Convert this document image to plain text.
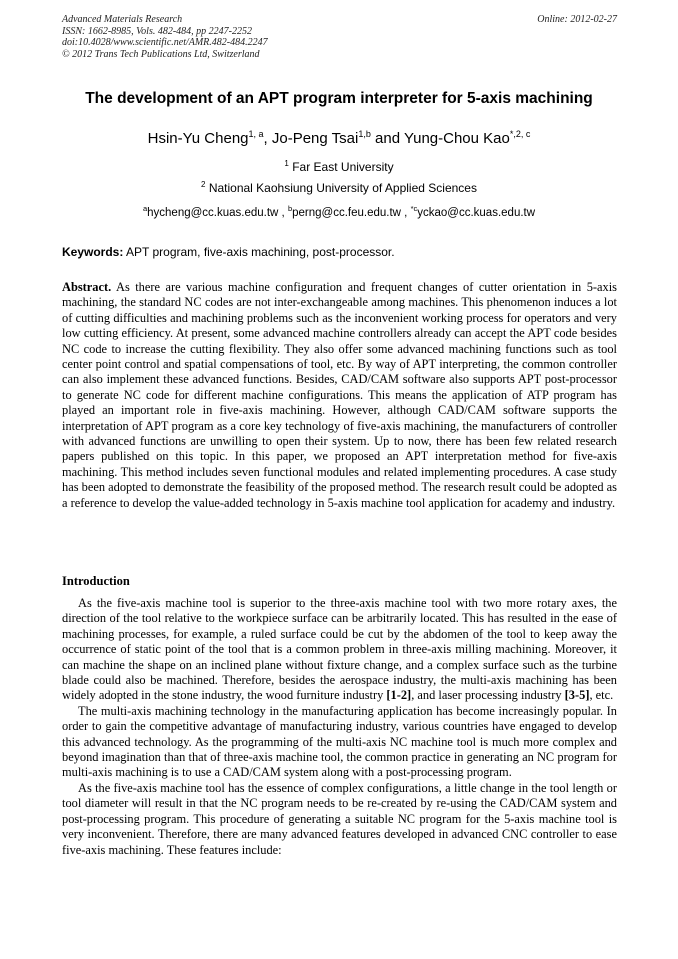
Advanced Materials Research
ISSN: 1662-8985, Vols. 482-484, pp 2247-2252
doi:10.4028/www.scientific.net/AMR.482-484.2247
© 2012 Trans Tech Publications Ltd, Switzerland
Online: 2012-02-27
The development of an APT program interpreter for 5-axis machining
Hsin-Yu Cheng$^{1, a}$, Jo-Peng Tsai$^{1,b}$ and Yung-Chou Kao$^{*,2, c}$
$^1$ Far East University
$^2$ National Kaohsiung University of Applied Sciences
$^a$hycheng@cc.kuas.edu.tw , $^b$perng@cc.feu.edu.tw , $^{*c}$yckao@cc.kuas.edu.tw
Keywords: APT program, five-axis machining, post-processor.

Abstract. As there are various machine configuration and frequent changes of cutter orientation in 5-axis machining, the standard NC codes are not inter-exchangeable among machines. This phenomenon induces a lot of cutting difficulties and machining problems such as the inconvenient working process for operators and very low cutting efficiency. At present, some advanced machine controllers already can accept the APT code besides NC code to increase the cutting flexibility. They also offer some advanced machining functions such as tool center point control and spatial compensations of tool, etc. By way of APT interpreting, the common controller can also implement these advanced functions. Besides, CAD/CAM software also supports APT post-processor to generate NC code for different machine configurations. This means the application of ATP program has played an important role in five-axis machining. However, although CAD/CAM software supports the interpretation of APT program as a core key technology of five-axis machining, the manufacturers of controller with advanced functions are unwilling to open their system. Up to now, there has been few related research papers published on this topic. In this paper, we proposed an APT interpretation method for five-axis machining. This method includes seven functional modules and related implementing procedures. A case study has been adopted to demonstrate the feasibility of the proposed method. The research result could be adopted as a reference to develop the value-added technology in 5-axis machine tool application for academy and industry.

Introduction

As the five-axis machine tool is superior to the three-axis machine tool with two more rotary axes, the direction of the tool relative to the workpiece surface can be arbitrarily located. This has resulted in the ease of machining processes, for example, a ruled surface could be cut by the abdomen of the tool to keep away the occurrence of static point of the tool that is a common problem in three-axis milling machining. Moreover, it can machine the shape on an inclined plane without fixture change, and a complex surface such as the turbine blade could also be machined. Therefore, besides the aerospace industry, the multi-axis machining has been widely adopted in the stone industry, the wood furniture industry [1-2], and laser processing industry [3-5], etc.

The multi-axis machining technology in the manufacturing application has become increasingly popular. In order to gain the competitive advantage of manufacturing industry, various countries have engaged to develop this advanced technology. As the programming of the multi-axis NC machine tool is much more complex and beyond imagination than that of three-axis machine tool, the common practice in generating an NC program for multi-axis machining is to use a CAD/CAM system along with a post-processing program.

As the five-axis machine tool has the essence of complex configurations, a little change in the tool length or tool diameter will result in that the NC program needs to be re-created by re-using the CAD/CAM system and post-processing program. This procedure of generating a suitable NC program for the 5-axis machine tool is very inconvenient. Therefore, there are many advanced features developed in advanced CNC controller to ease five-axis machining. These features include:
